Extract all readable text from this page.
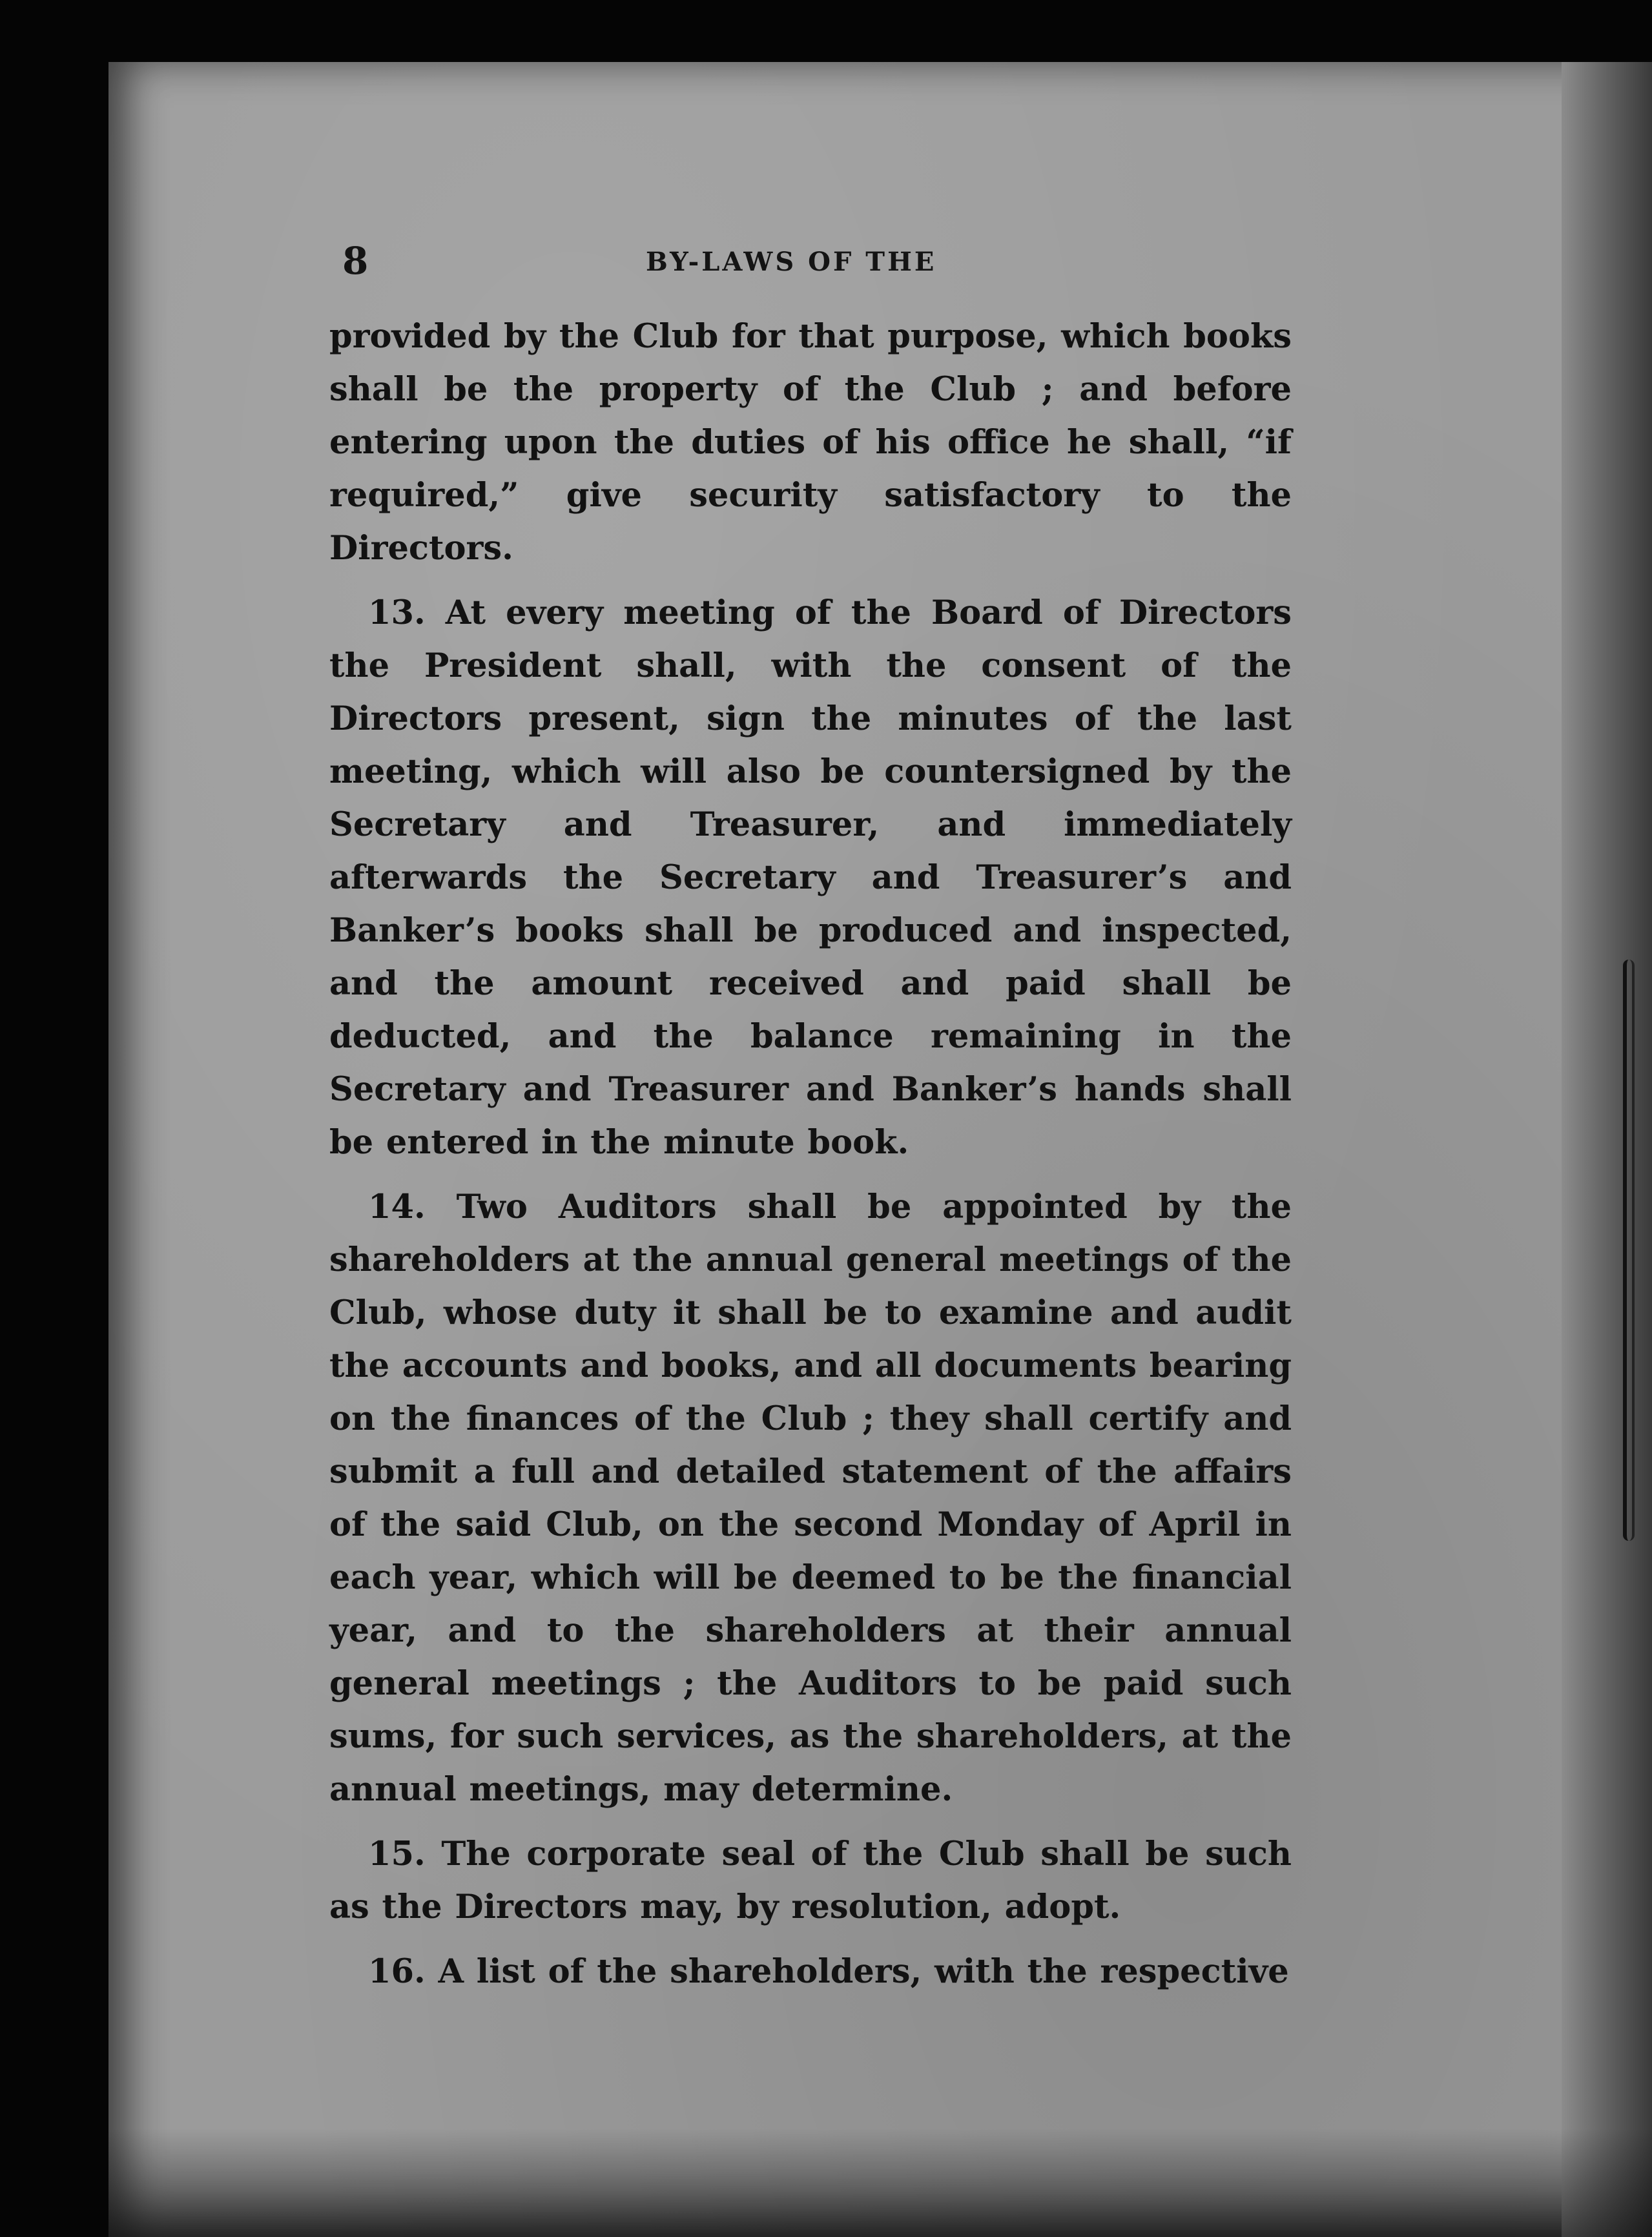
8	BY-LAWS OF THE

provided by the Club for that purpose, which books shall be the property of the Club ; and before entering upon the duties of his office he shall, “if required,” give security satisfactory to the Directors.

13. At every meeting of the Board of Directors the President shall, with the consent of the Directors present, sign the minutes of the last meeting, which will also be countersigned by the Secretary and Treasurer, and immediately afterwards the Secretary and Treasurer’s and Banker’s books shall be produced and inspected, and the amount received and paid shall be deducted, and the balance remaining in the Secretary and Treasurer and Banker’s hands shall be entered in the minute book.

14. Two Auditors shall be appointed by the shareholders at the annual general meetings of the Club, whose duty it shall be to examine and audit the accounts and books, and all documents bearing on the finances of the Club ; they shall certify and submit a full and detailed statement of the affairs of the said Club, on the second Monday of April in each year, which will be deemed to be the financial year, and to the shareholders at their annual general meetings ; the Auditors to be paid such sums, for such services, as the shareholders, at the annual meetings, may determine.

15. The corporate seal of the Club shall be such as the Directors may, by resolution, adopt.

16. A list of the shareholders, with the respective
